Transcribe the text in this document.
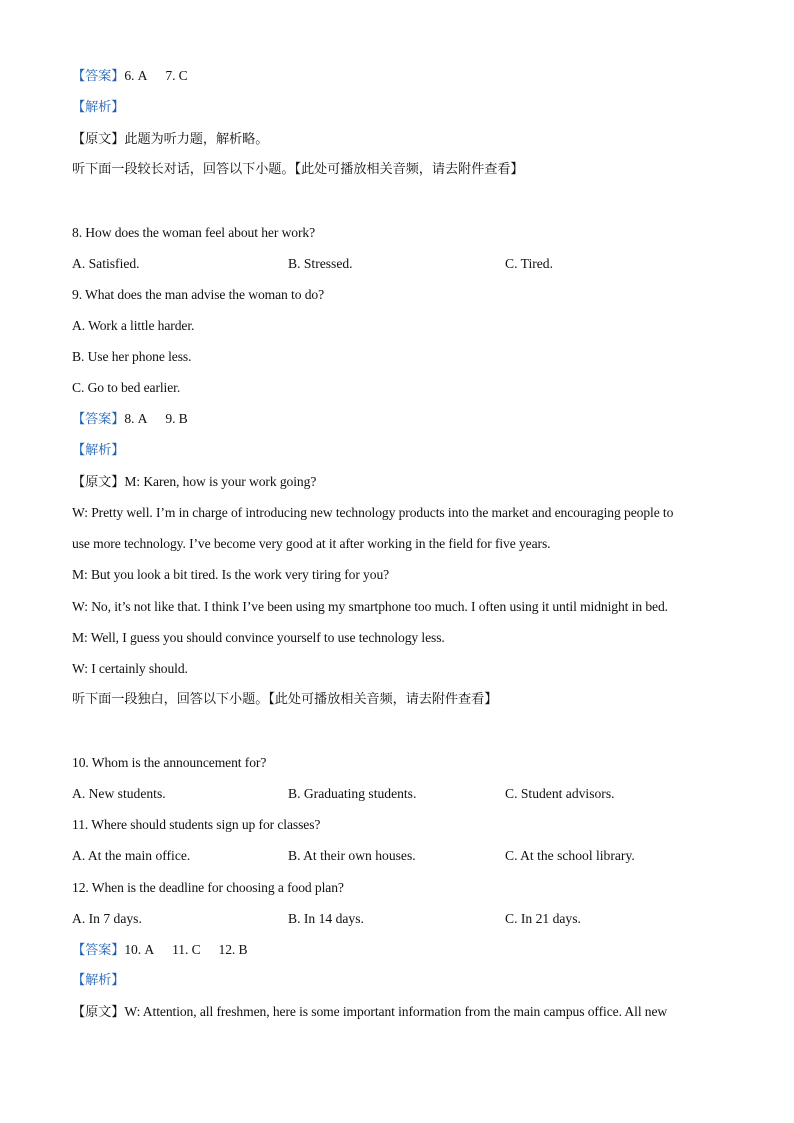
【答案】6. A 7. C
【解析】
【原文】此题为听力题，解析略。
听下面一段较长对话，回答以下小题。【此处可播放相关音频，请去附件查看】
8. How does the woman feel about her work?
A. Satisfied.	B. Stressed.	C. Tired.
9. What does the man advise the woman to do?
A. Work a little harder.
B. Use her phone less.
C. Go to bed earlier.
【答案】8. A 9. B
【解析】
【原文】M: Karen, how is your work going?
W: Pretty well. I’m in charge of introducing new technology products into the market and encouraging people to
use more technology. I’ve become very good at it after working in the field for five years.
M: But you look a bit tired. Is the work very tiring for you?
W: No, it’s not like that. I think I’ve been using my smartphone too much. I often using it until midnight in bed.
M: Well, I guess you should convince yourself to use technology less.
W: I certainly should.
听下面一段独白，回答以下小题。【此处可播放相关音频，请去附件查看】
10. Whom is the announcement for?
A. New students.	B. Graduating students.	C. Student advisors.
11. Where should students sign up for classes?
A. At the main office.	B. At their own houses.	C. At the school library.
12. When is the deadline for choosing a food plan?
A. In 7 days.	B. In 14 days.	C. In 21 days.
【答案】10. A 11. C 12. B
【解析】
【原文】W: Attention, all freshmen, here is some important information from the main campus office. All new
